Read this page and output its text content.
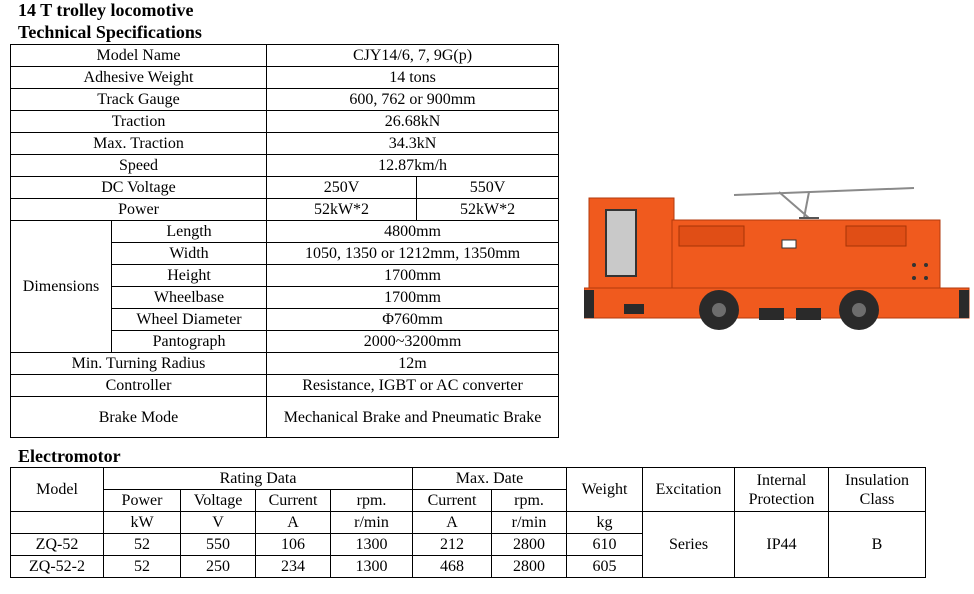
14 T trolley locomotive
Technical Specifications
Model Name		CJY14/6, 7, 9G(p)	
Adhesive Weight		14 tons	
Track Gauge		600, 762 or 900mm	
Traction		26.68kN	
Max. Traction		34.3kN	
Speed		12.87km/h	
DC Voltage		250V	550V
Power		52kW*2	52kW*2
Dimensions	Length	4800mm	
	Width	1050, 1350 or 1212mm, 1350mm	
	Height	1700mm	
	Wheelbase	1700mm	
	Wheel Diameter	Φ760mm	
	Pantograph	2000~3200mm	
Min. Turning Radius		12m	
Controller		Resistance, IGBT or AC converter	
Brake Mode		Mechanical Brake and Pneumatic Brake	
Electromotor
Model	Rating Data				Max. Date		Weight	Excitation	Internal Protection	Insulation Class
	Power	Voltage	Current	rpm.	Current	rpm.				
	kW	V	A	r/min	A	r/min	kg	Series	IP44	B
ZQ-52	52	550	106	1300	212	2800	610			
ZQ-52-2	52	250	234	1300	468	2800	605			
